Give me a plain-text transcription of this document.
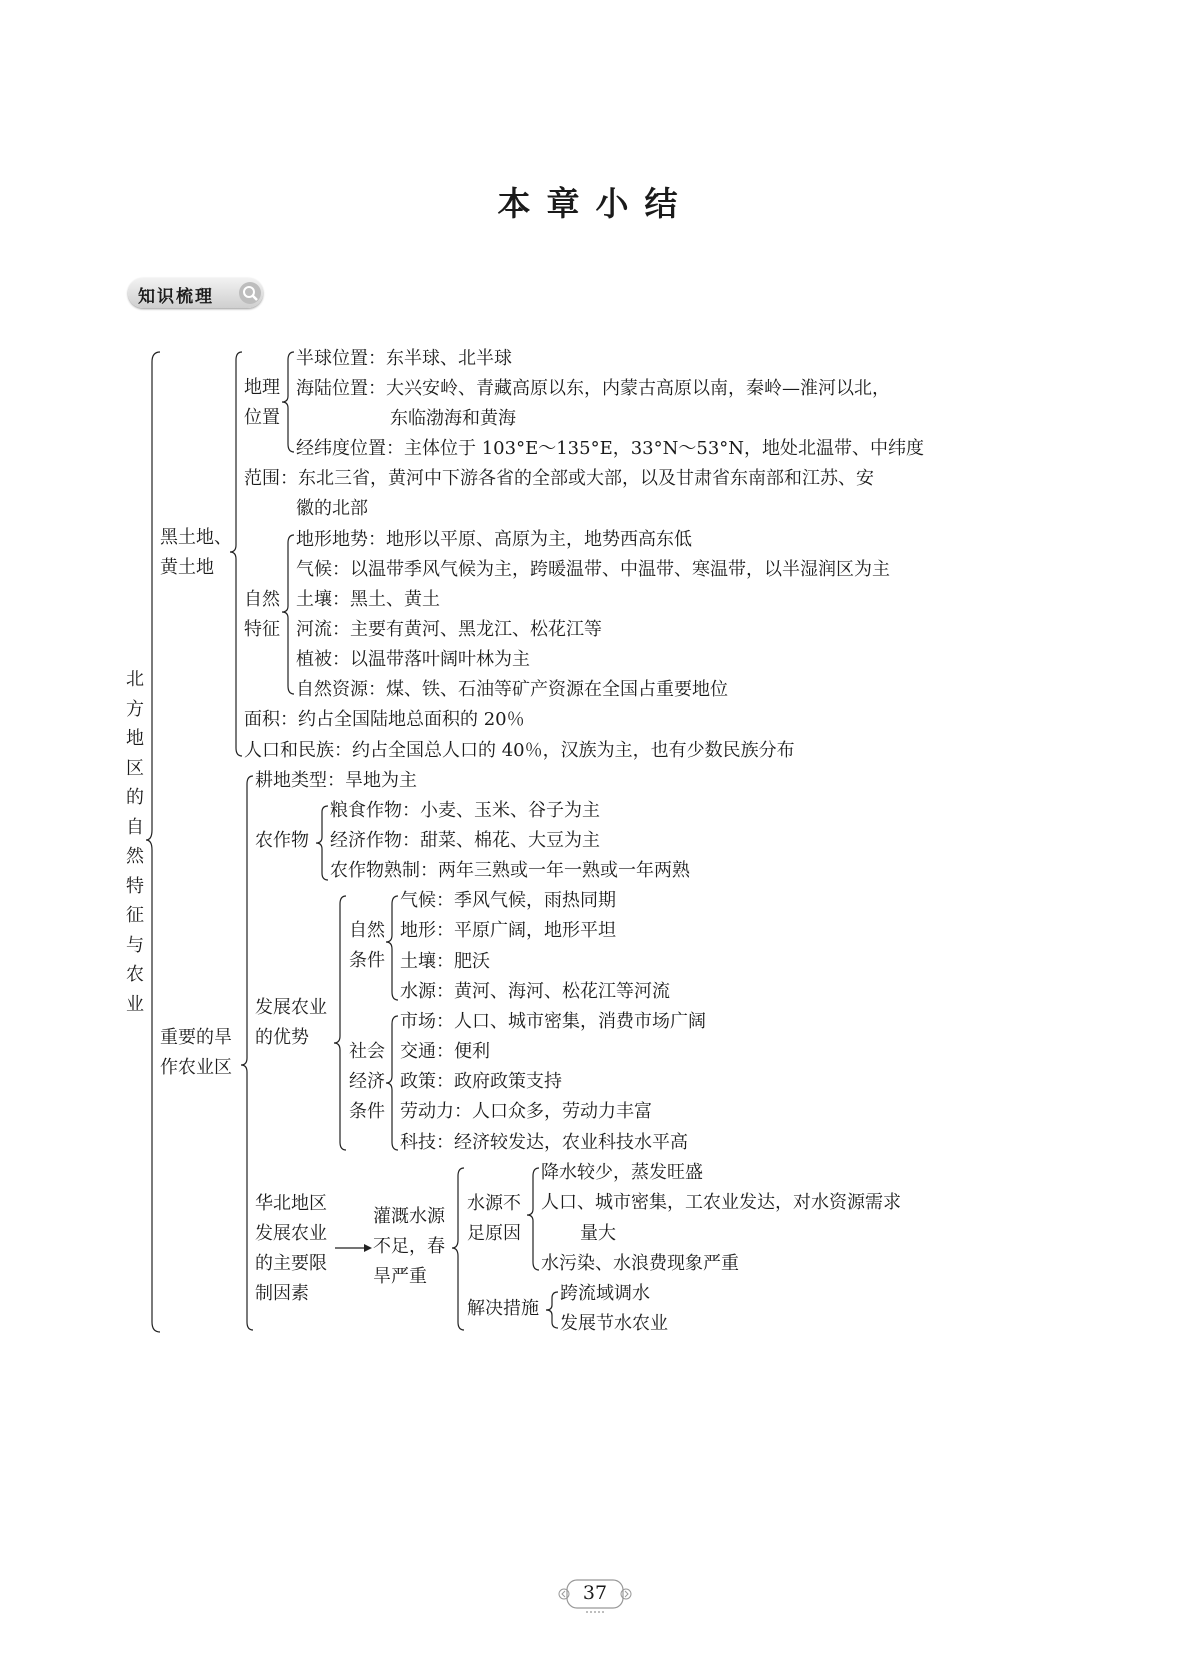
本章小结
知识梳理
北
方
地
区
的
自
然
特
征
与
农
业
黑土地、
黄土地
地理
位置
半球位置：东半球、北半球
海陆位置：大兴安岭、青藏高原以东，内蒙古高原以南，秦岭—淮河以北，
东临渤海和黄海
经纬度位置：主体位于 103°E～135°E，33°N～53°N，地处北温带、中纬度
范围：东北三省，黄河中下游各省的全部或大部，以及甘肃省东南部和江苏、安
徽的北部
自然
特征
地形地势：地形以平原、高原为主，地势西高东低
气候：以温带季风气候为主，跨暖温带、中温带、寒温带，以半湿润区为主
土壤：黑土、黄土
河流：主要有黄河、黑龙江、松花江等
植被：以温带落叶阔叶林为主
自然资源：煤、铁、石油等矿产资源在全国占重要地位
面积：约占全国陆地总面积的 20％
人口和民族：约占全国总人口的 40％，汉族为主，也有少数民族分布
重要的旱
作农业区
耕地类型：旱地为主
农作物
粮食作物：小麦、玉米、谷子为主
经济作物：甜菜、棉花、大豆为主
农作物熟制：两年三熟或一年一熟或一年两熟
发展农业
的优势
自然
条件
气候：季风气候，雨热同期
地形：平原广阔，地形平坦
土壤：肥沃
水源：黄河、海河、松花江等河流
社会
经济
条件
市场：人口、城市密集，消费市场广阔
交通：便利
政策：政府政策支持
劳动力：人口众多，劳动力丰富
科技：经济较发达，农业科技水平高
华北地区
发展农业
的主要限
制因素
灌溉水源
不足，春
旱严重
水源不
足原因
降水较少，蒸发旺盛
人口、城市密集，工农业发达，对水资源需求
量大
水污染、水浪费现象严重
解决措施
跨流域调水
发展节水农业
37
